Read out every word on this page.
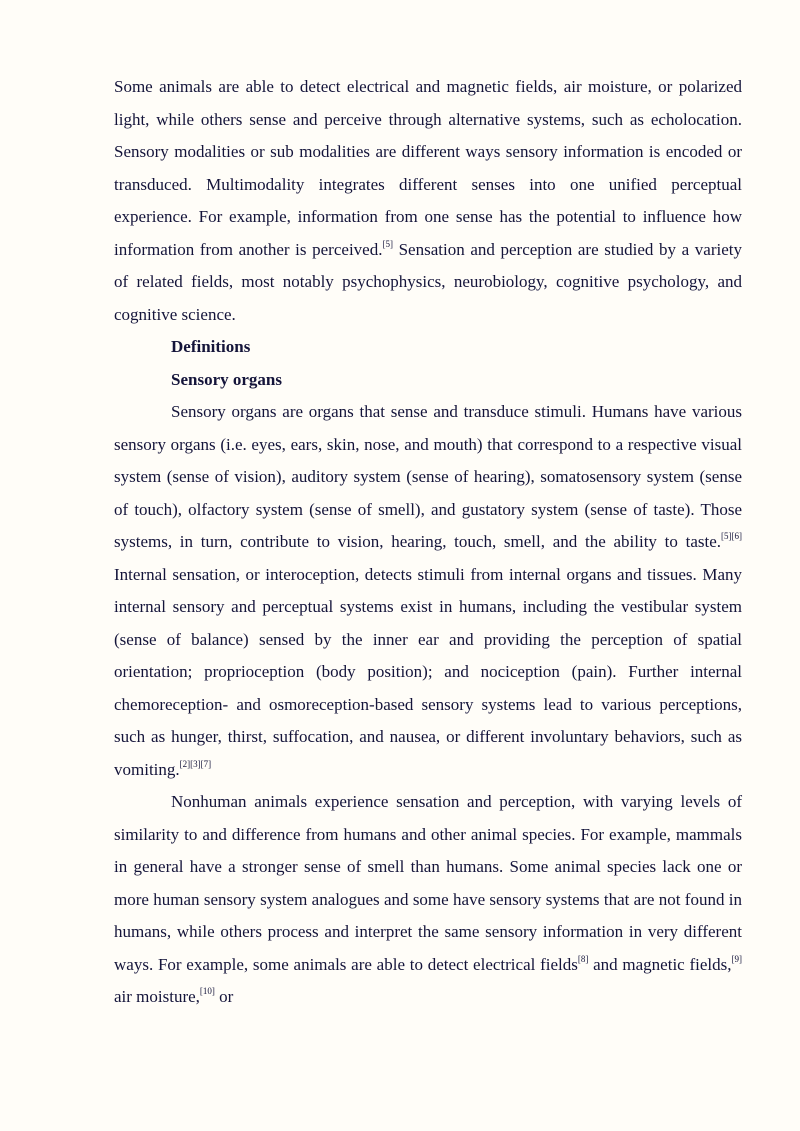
Some animals are able to detect electrical and magnetic fields, air moisture, or polarized light, while others sense and perceive through alternative systems, such as echolocation. Sensory modalities or sub modalities are different ways sensory information is encoded or transduced. Multimodality integrates different senses into one unified perceptual experience. For example, information from one sense has the potential to influence how information from another is perceived.[5] Sensation and perception are studied by a variety of related fields, most notably psychophysics, neurobiology, cognitive psychology, and cognitive science.

Definitions

Sensory organs

Sensory organs are organs that sense and transduce stimuli. Humans have various sensory organs (i.e. eyes, ears, skin, nose, and mouth) that correspond to a respective visual system (sense of vision), auditory system (sense of hearing), somatosensory system (sense of touch), olfactory system (sense of smell), and gustatory system (sense of taste). Those systems, in turn, contribute to vision, hearing, touch, smell, and the ability to taste.[5][6] Internal sensation, or interoception, detects stimuli from internal organs and tissues. Many internal sensory and perceptual systems exist in humans, including the vestibular system (sense of balance) sensed by the inner ear and providing the perception of spatial orientation; proprioception (body position); and nociception (pain). Further internal chemoreception- and osmoreception-based sensory systems lead to various perceptions, such as hunger, thirst, suffocation, and nausea, or different involuntary behaviors, such as vomiting.[2][3][7]

Nonhuman animals experience sensation and perception, with varying levels of similarity to and difference from humans and other animal species. For example, mammals in general have a stronger sense of smell than humans. Some animal species lack one or more human sensory system analogues and some have sensory systems that are not found in humans, while others process and interpret the same sensory information in very different ways. For example, some animals are able to detect electrical fields[8] and magnetic fields,[9] air moisture,[10] or
